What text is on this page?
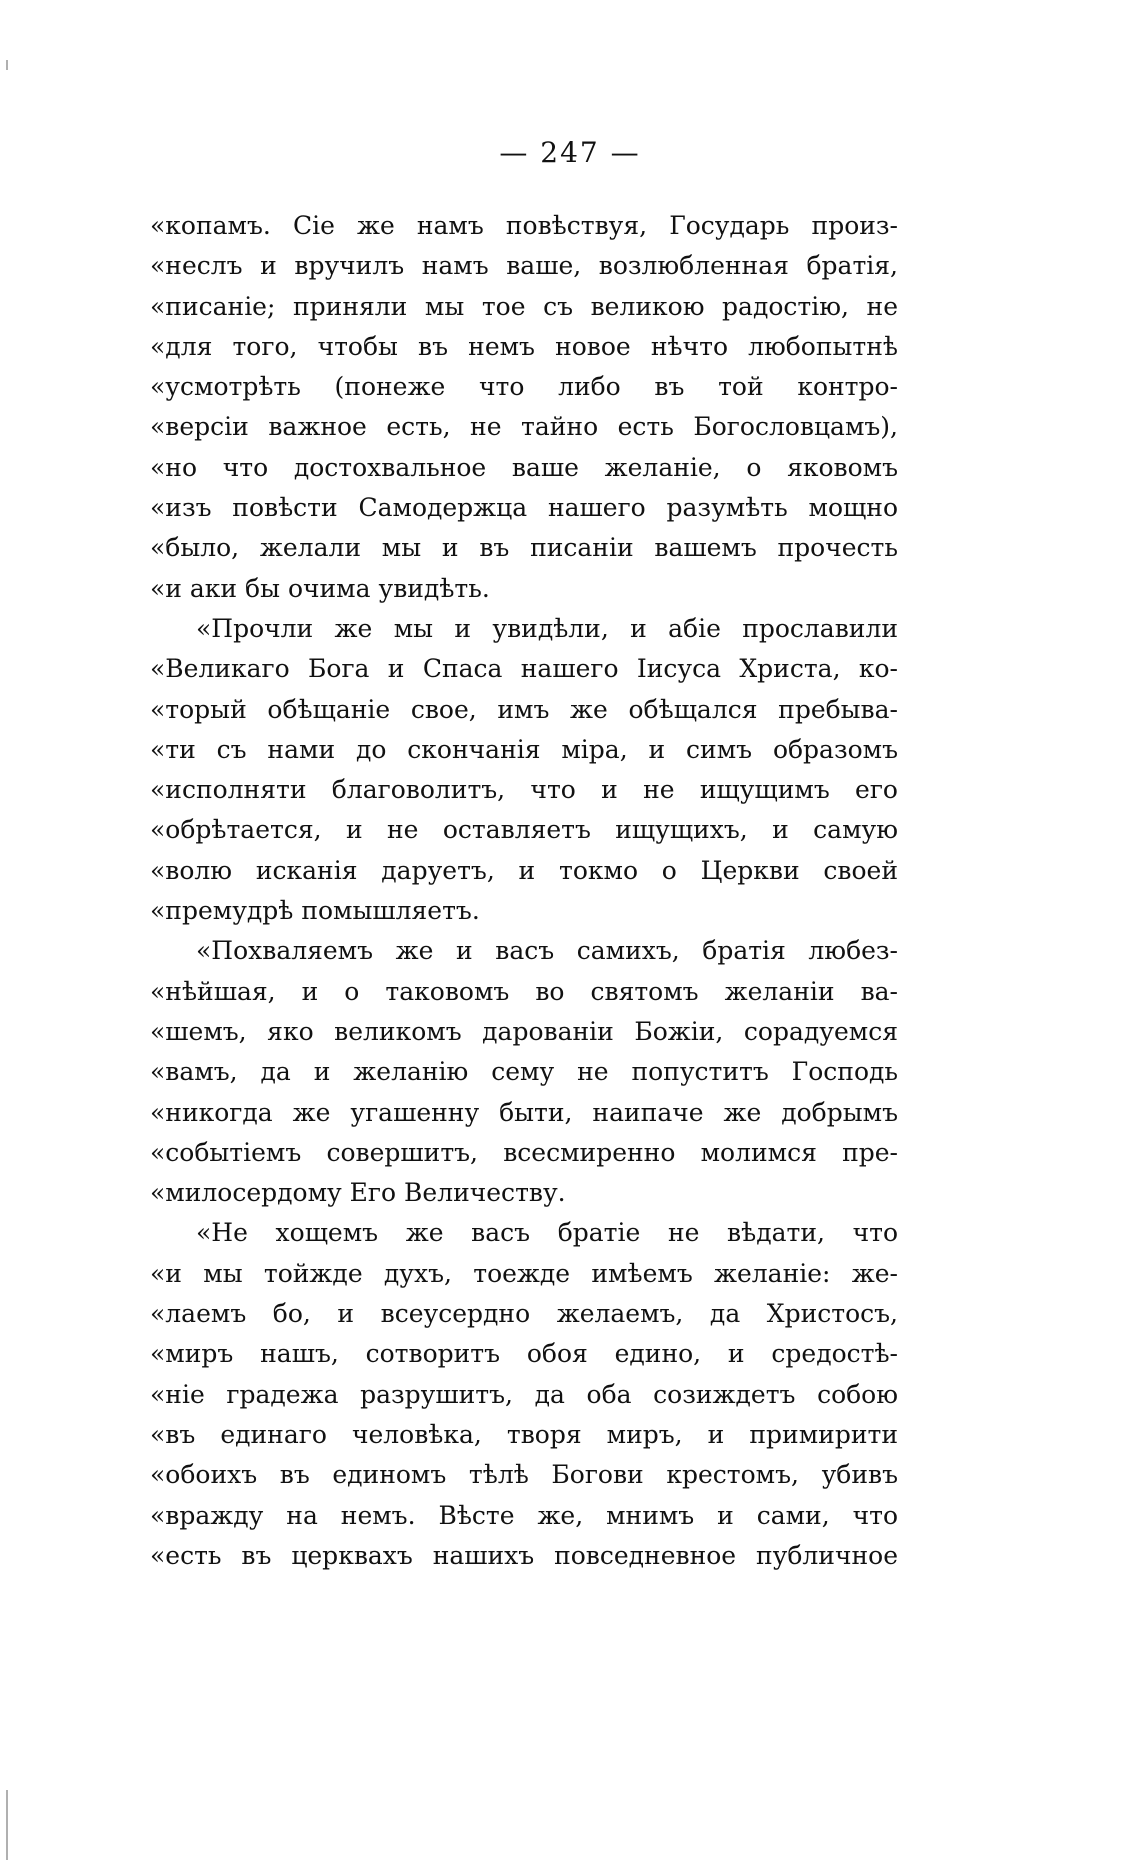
— 247 —
«копамъ. Сіе же намъ повѣствуя, Государь произ-
«неслъ и вручилъ намъ ваше, возлюбленная братія,
«писаніе; приняли мы тое съ великою радостію, не
«для того, чтобы въ немъ новое нѣчто любопытнѣ
«усмотрѣть (понеже что либо въ той контро-
«версіи важное есть, не тайно есть Богословцамъ),
«но что достохвальное ваше желаніе, о яковомъ
«изъ повѣсти Самодержца нашего разумѣть мощно
«было, желали мы и въ писаніи вашемъ прочесть
«и аки бы очима увидѣть.
«Прочли же мы и увидѣли, и абіе прославили
«Великаго Бога и Спаса нашего Іисуса Христа, ко-
«торый обѣщаніе свое, имъ же обѣщался пребыва-
«ти съ нами до скончанія міра, и симъ образомъ
«исполняти благоволитъ, что и не ищущимъ его
«обрѣтается, и не оставляетъ ищущихъ, и самую
«волю исканія даруетъ, и токмо о Церкви своей
«премудрѣ помышляетъ.
«Похваляемъ же и васъ самихъ, братія любез-
«нѣйшая, и о таковомъ во святомъ желаніи ва-
«шемъ, яко великомъ дарованіи Божіи, сорадуемся
«вамъ, да и желанію сему не попуститъ Господь
«никогда же угашенну быти, наипаче же добрымъ
«событіемъ совершитъ, всесмиренно молимся пре-
«милосердому Его Величеству.
«Не хощемъ же васъ братіе не вѣдати, что
«и мы тойжде духъ, тоежде имѣемъ желаніе: же-
«лаемъ бо, и всеусердно желаемъ, да Христосъ,
«миръ нашъ, сотворитъ обоя едино, и средостѣ-
«ніе градежа разрушитъ, да оба созиждетъ собою
«въ единаго человѣка, творя миръ, и примирити
«обоихъ въ единомъ тѣлѣ Богови крестомъ, убивъ
«вражду на немъ. Вѣсте же, мнимъ и сами, что
«есть въ церквахъ нашихъ повседневное публичное
